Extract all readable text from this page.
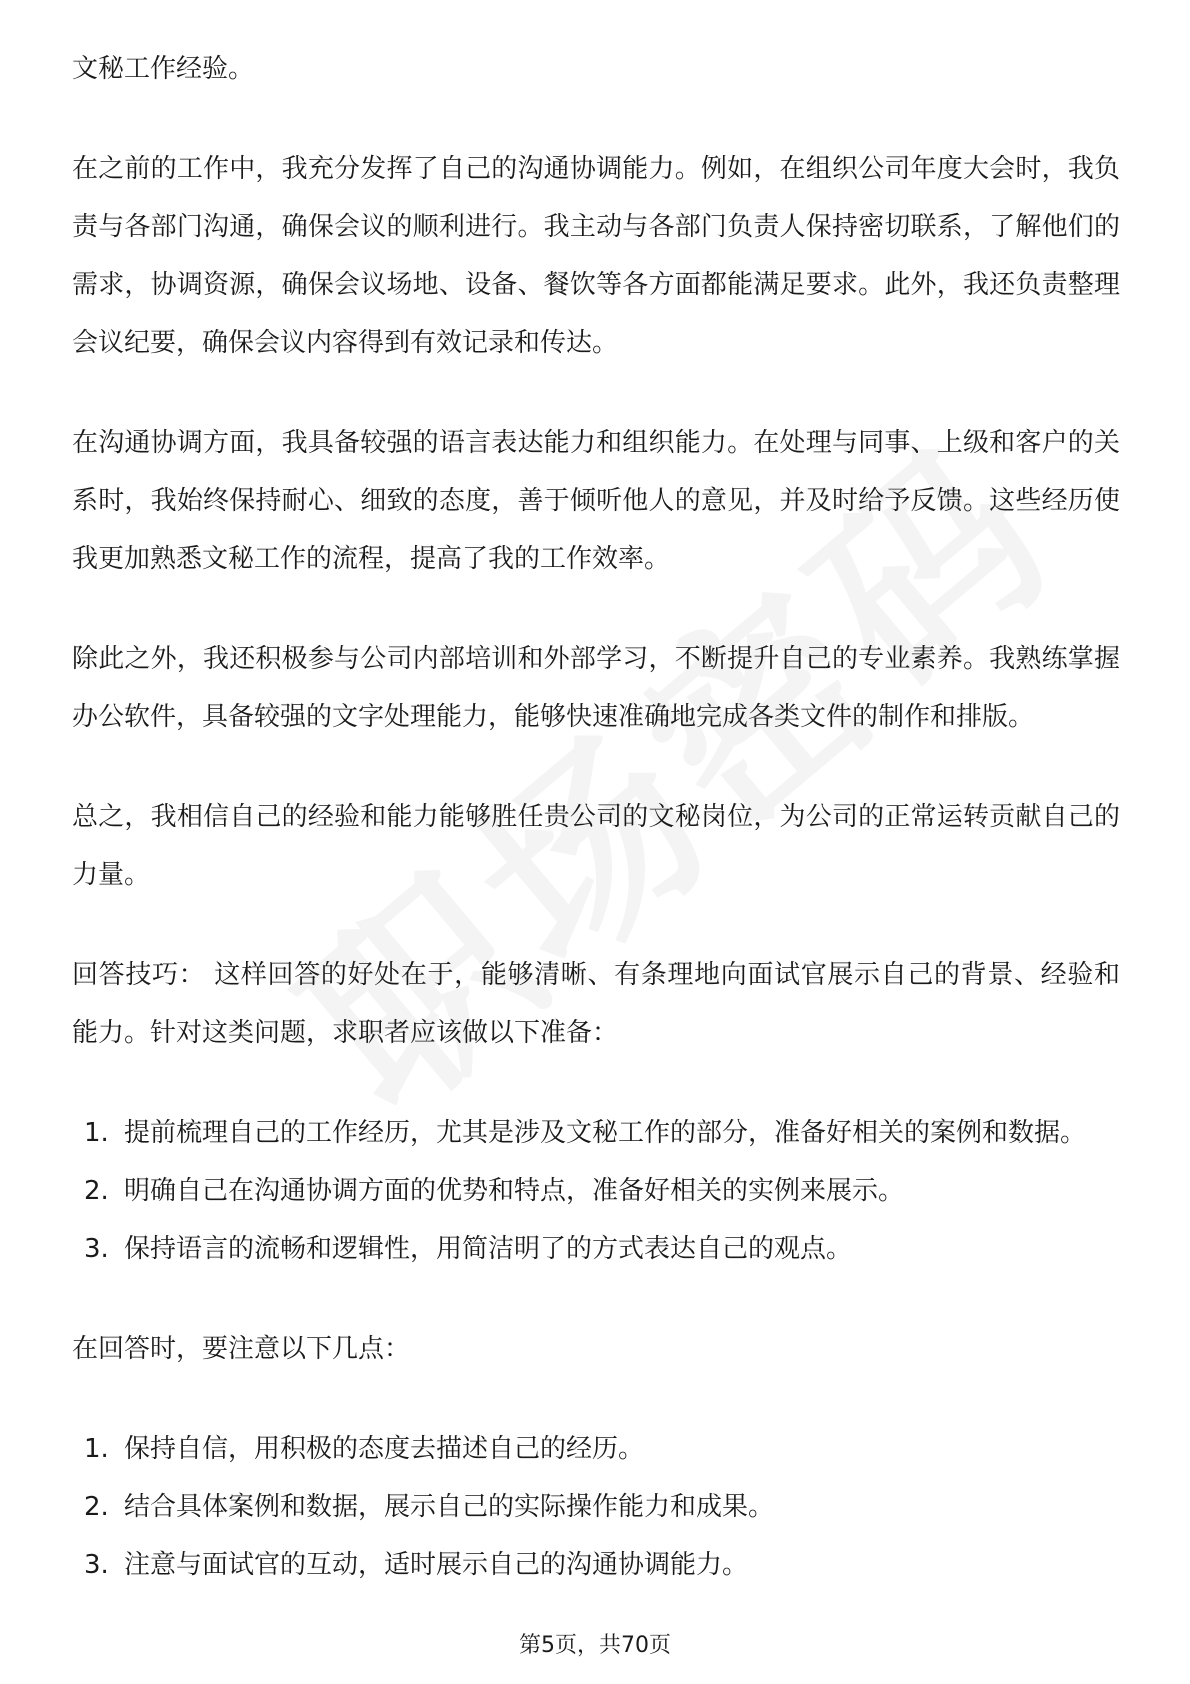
文秘工作经验。

在之前的工作中，我充分发挥了自己的沟通协调能力。例如，在组织公司年度大会时，我负责与各部门沟通，确保会议的顺利进行。我主动与各部门负责人保持密切联系，了解他们的需求，协调资源，确保会议场地、设备、餐饮等各方面都能满足要求。此外，我还负责整理会议纪要，确保会议内容得到有效记录和传达。

在沟通协调方面，我具备较强的语言表达能力和组织能力。在处理与同事、上级和客户的关系时，我始终保持耐心、细致的态度，善于倾听他人的意见，并及时给予反馈。这些经历使我更加熟悉文秘工作的流程，提高了我的工作效率。

除此之外，我还积极参与公司内部培训和外部学习，不断提升自己的专业素养。我熟练掌握办公软件，具备较强的文字处理能力，能够快速准确地完成各类文件的制作和排版。

总之，我相信自己的经验和能力能够胜任贵公司的文秘岗位，为公司的正常运转贡献自己的力量。

回答技巧： 这样回答的好处在于，能够清晰、有条理地向面试官展示自己的背景、经验和能力。针对这类问题，求职者应该做以下准备：

1. 提前梳理自己的工作经历，尤其是涉及文秘工作的部分，准备好相关的案例和数据。
2. 明确自己在沟通协调方面的优势和特点，准备好相关的实例来展示。
3. 保持语言的流畅和逻辑性，用简洁明了的方式表达自己的观点。

在回答时，要注意以下几点：

1. 保持自信，用积极的态度去描述自己的经历。
2. 结合具体案例和数据，展示自己的实际操作能力和成果。
3. 注意与面试官的互动，适时展示自己的沟通协调能力。
第5页，共70页
